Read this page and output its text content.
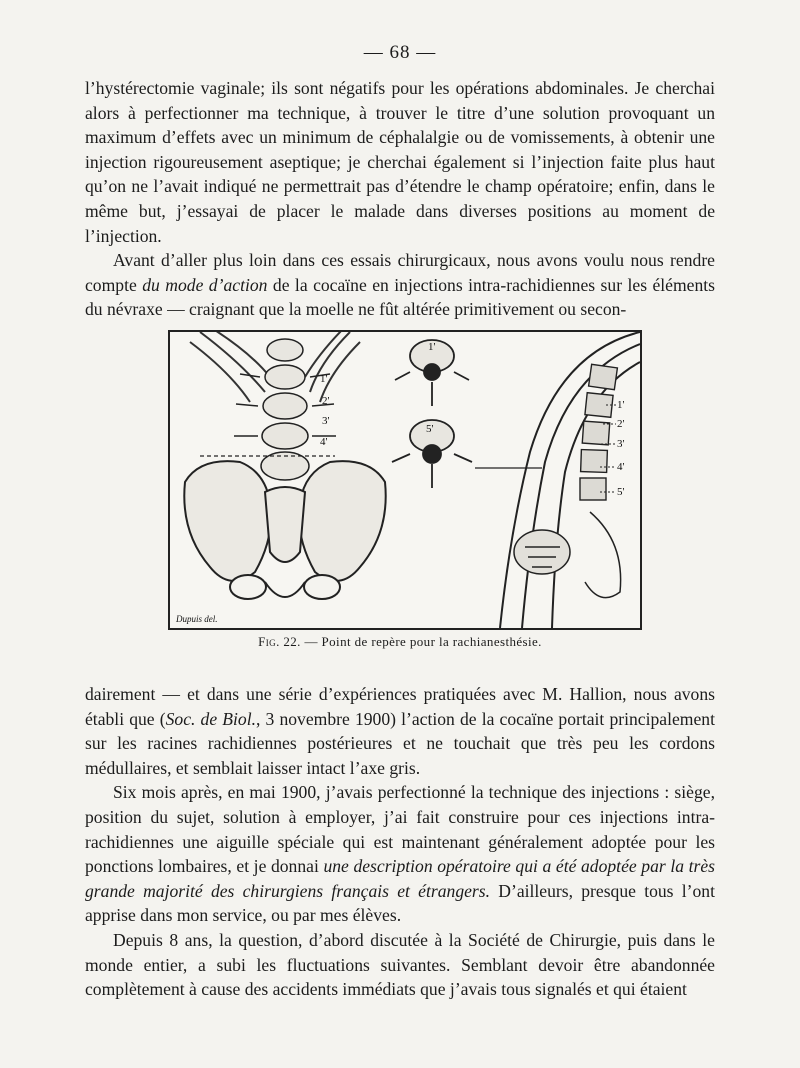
— 68 —

l’hystérectomie vaginale; ils sont négatifs pour les opérations abdominales. Je cherchai alors à perfectionner ma technique, à trouver le titre d’une solution provoquant un maximum d’effets avec un minimum de céphalalgie ou de vomissements, à obtenir une injection rigoureusement aseptique; je cherchai également si l’injection faite plus haut qu’on ne l’avait indiqué ne permettrait pas d’étendre le champ opératoire; enfin, dans le même but, j’essayai de placer le malade dans diverses positions au moment de l’injection.

Avant d’aller plus loin dans ces essais chirurgicaux, nous avons voulu nous rendre compte du mode d’action de la cocaïne en injections intra-rachidiennes sur les éléments du névraxe — craignant que la moelle ne fût altérée primitivement ou secon-

1'
2'
3'
4'
1'
5'
1'
2'
3'
4'
5'
Dupuis del.
Fig. 22. — Point de repère pour la rachianesthésie.

dairement — et dans une série d’expériences pratiquées avec M. Hallion, nous avons établi que (Soc. de Biol., 3 novembre 1900) l’action de la cocaïne portait principalement sur les racines rachidiennes postérieures et ne touchait que très peu les cordons médullaires, et semblait laisser intact l’axe gris.

Six mois après, en mai 1900, j’avais perfectionné la technique des injections : siège, position du sujet, solution à employer, j’ai fait construire pour ces injections intra-rachidiennes une aiguille spéciale qui est maintenant généralement adoptée pour les ponctions lombaires, et je donnai une description opératoire qui a été adoptée par la très grande majorité des chirurgiens français et étrangers. D’ailleurs, presque tous l’ont apprise dans mon service, ou par mes élèves.

Depuis 8 ans, la question, d’abord discutée à la Société de Chirurgie, puis dans le monde entier, a subi les fluctuations suivantes. Semblant devoir être abandonnée complètement à cause des accidents immédiats que j’avais tous signalés et qui étaient
